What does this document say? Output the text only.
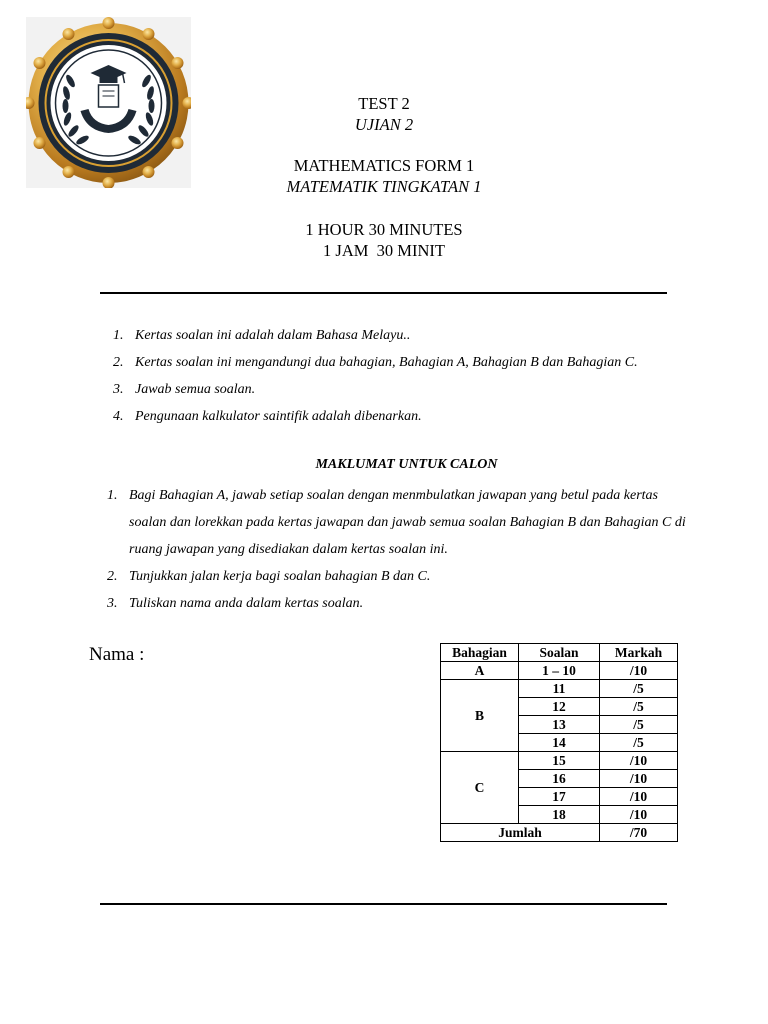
TEST 2
UJIAN 2
MATHEMATICS FORM 1
MATEMATIK TINGKATAN 1
1 HOUR 30 MINUTES
1 JAM  30 MINIT
1. Kertas soalan ini adalah dalam Bahasa Melayu..
2. Kertas soalan ini mengandungi dua bahagian, Bahagian A, Bahagian B dan Bahagian C.
3. Jawab semua soalan.
4. Pengunaan kalkulator saintifik adalah dibenarkan.
MAKLUMAT UNTUK CALON
1. Bagi Bahagian A, jawab setiap soalan dengan menmbulatkan jawapan yang betul pada kertas soalan dan lorekkan pada kertas jawapan dan jawab semua soalan Bahagian B dan Bahagian C di ruang jawapan yang disediakan dalam kertas soalan ini.
2. Tunjukkan jalan kerja bagi soalan bahagian B dan C.
3. Tuliskan nama anda dalam kertas soalan.
Nama :	Bahagian	Soalan	Markah
A	1 – 10	/10
B	11	/5
	12	/5
	13	/5
	14	/5
C	15	/10
	16	/10
	17	/10
	18	/10
Jumlah		/70
